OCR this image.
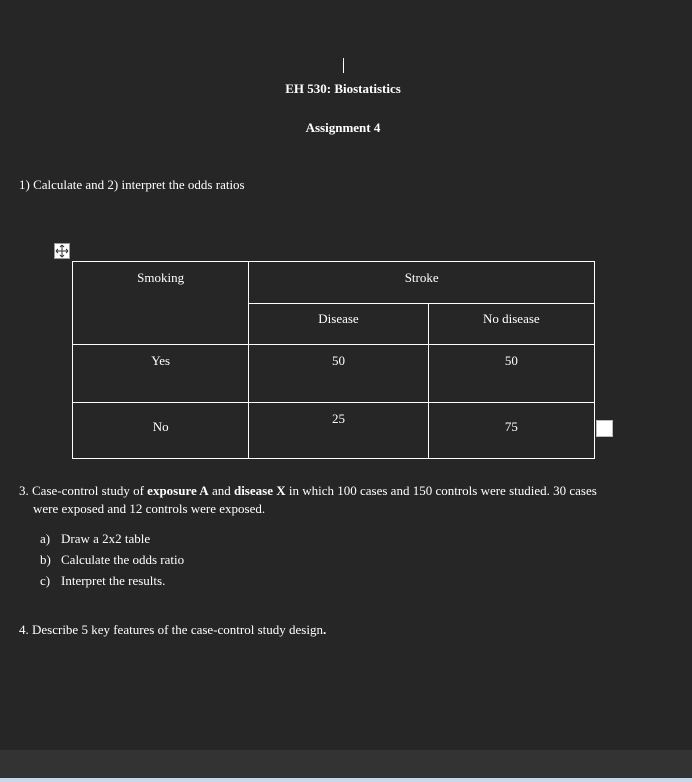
EH 530: Biostatistics
Assignment 4
1) Calculate and 2) interpret the odds ratios
Smoking	Stroke	
	Disease	No disease
Yes	50	50
No	25	75
3. Case-control study of exposure A and disease X in which 100 cases and 150 controls were studied. 30 cases
were exposed and 12 controls were exposed.
a) Draw a 2x2 table
b) Calculate the odds ratio
c) Interpret the results.
4. Describe 5 key features of the case-control study design.
